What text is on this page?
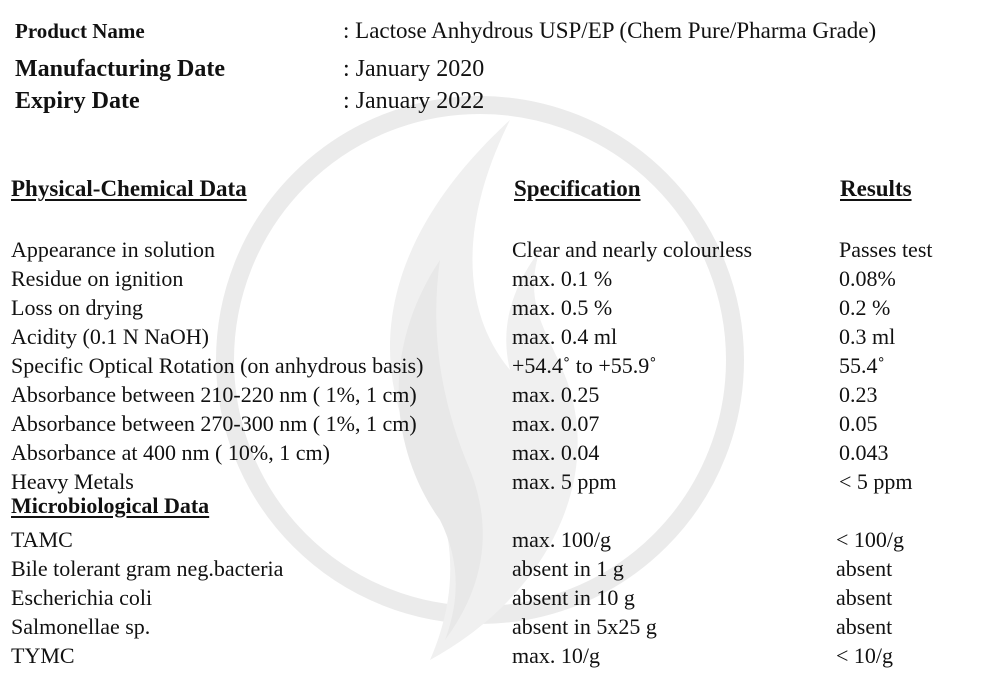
Product Name	: Lactose Anhydrous USP/EP (Chem Pure/Pharma Grade)
Manufacturing Date	: January 2020
Expiry Date	: January 2022
Physical-Chemical Data	Specification	Results
Appearance in solution	Clear and nearly colourless	Passes test
Residue on ignition	max. 0.1 %	0.08%
Loss on drying	max. 0.5 %	0.2 %
Acidity (0.1 N NaOH)	max. 0.4 ml	0.3 ml
Specific Optical Rotation (on anhydrous basis)	+54.4˚ to +55.9˚	55.4˚
Absorbance between 210-220 nm ( 1%, 1 cm)	max. 0.25	0.23
Absorbance between 270-300 nm ( 1%, 1 cm)	max. 0.07	0.05
Absorbance at 400 nm ( 10%, 1 cm)	max. 0.04	0.043
Heavy Metals	max. 5 ppm	< 5 ppm
Microbiological Data
TAMC	max. 100/g	< 100/g
Bile tolerant gram neg.bacteria	absent in 1 g	absent
Escherichia coli	absent in 10 g	absent
Salmonellae sp.	absent in 5x25 g	absent
TYMC	max. 10/g	< 10/g
